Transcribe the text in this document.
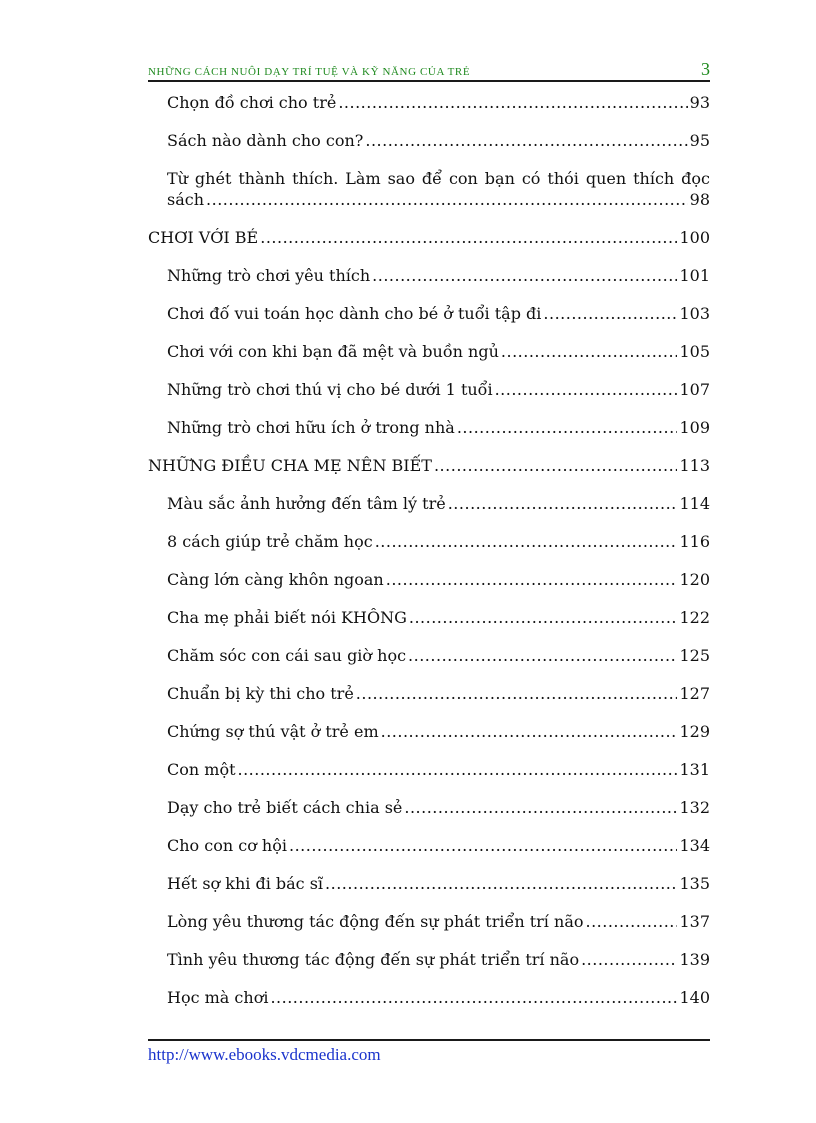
NHỮNG CÁCH NUÔI DẠY TRÍ TUỆ VÀ KỸ NĂNG CỦA TRẺ	3
Chọn đồ chơi cho trẻ .....	93
Sách nào dành cho con? .....	95
Từ ghét thành thích. Làm sao để con bạn có thói quen thích đọc
sách .....	98
CHƠI VỚI BÉ .....	100
Những trò chơi yêu thích .....	101
Chơi đố vui toán học dành cho bé ở tuổi tập đi .....	103
Chơi với con khi bạn đã mệt và buồn ngủ .....	105
Những trò chơi thú vị cho bé dưới 1 tuổi .....	107
Những trò chơi hữu ích ở trong nhà .....	109
NHỮNG ĐIỀU CHA MẸ NÊN BIẾT .....	113
Màu sắc ảnh hưởng đến tâm lý trẻ .....	114
8 cách giúp trẻ chăm học .....	116
Càng lớn càng khôn ngoan .....	120
Cha mẹ phải biết nói KHÔNG .....	122
Chăm sóc con cái sau giờ học .....	125
Chuẩn bị kỳ thi cho trẻ .....	127
Chứng sợ thú vật ở trẻ em .....	129
Con một .....	131
Dạy cho trẻ biết cách chia sẻ .....	132
Cho con cơ hội .....	134
Hết sợ khi đi bác sĩ .....	135
Lòng yêu thương tác động đến sự phát triển trí não .....	137
Tình yêu thương tác động đến sự phát triển trí não .....	139
Học mà chơi .....	140
http://www.ebooks.vdcmedia.com
